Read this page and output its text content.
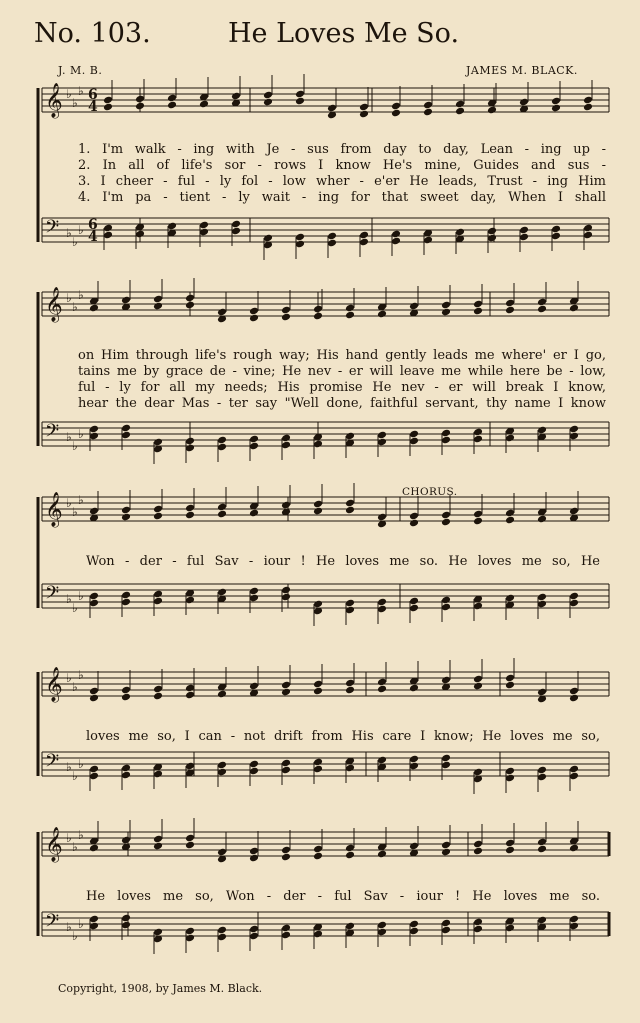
No. 103.	He Loves Me So.
J. M. B.	JAMES M. BLACK.
𝄞 ♭
♭
♭
𝄢 ♭
♭
♭
6
4
6
4
𝄞 ♭
♭
♭
𝄢 ♭
♭
♭
𝄞 ♭
♭
♭
𝄢 ♭
♭
♭
𝄞 ♭
♭
♭
𝄢 ♭
♭
♭
𝄞 ♭
♭
♭
𝄢 ♭
♭
♭
1. I'm walk - ing with Je - sus from day to day, Lean - ing up -
2. In all of life's sor - rows I know He's mine, Guides and sus -
3. I cheer - ful - ly fol - low wher - e'er He leads, Trust - ing Him
4. I'm pa - tient - ly wait - ing for that sweet day, When I shall
on Him through life's rough way; His hand gently leads me where' er I go,
tains me by grace de - vine; He nev - er will leave me while here be - low,
ful - ly for all my needs; His promise He nev - er will break I know,
hear the dear Mas - ter say "Well done, faithful servant, thy name I know
CHORUS.
Won - der - ful Sav - iour ! He loves me so. He loves me so, He
loves me so, I can - not drift from His care I know; He loves me so,
He loves me so, Won - der - ful Sav - iour ! He loves me so.
Copyright, 1908, by James M. Black.
